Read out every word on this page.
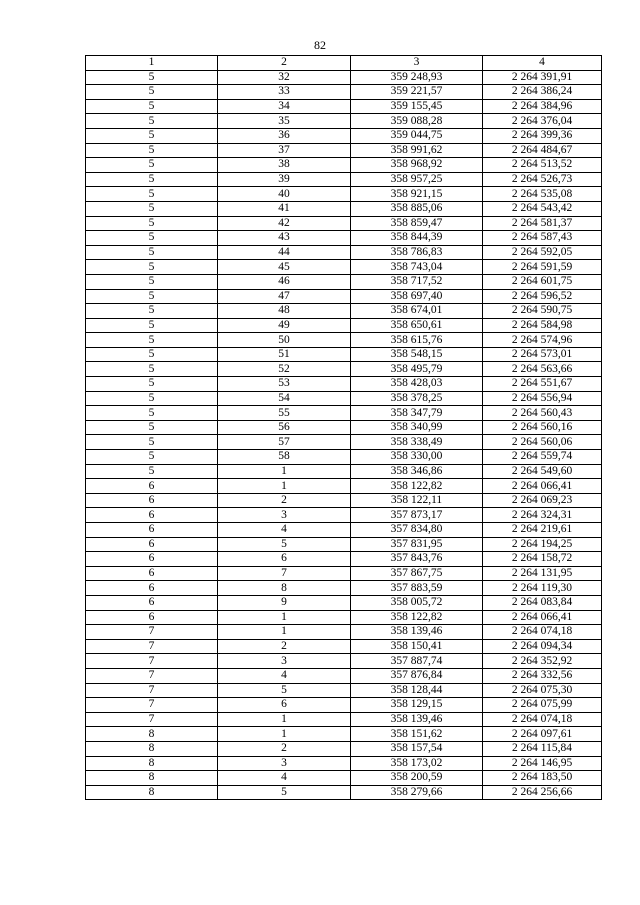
82
1	2	3	4
5	32	359 248,93	2 264 391,91
5	33	359 221,57	2 264 386,24
5	34	359 155,45	2 264 384,96
5	35	359 088,28	2 264 376,04
5	36	359 044,75	2 264 399,36
5	37	358 991,62	2 264 484,67
5	38	358 968,92	2 264 513,52
5	39	358 957,25	2 264 526,73
5	40	358 921,15	2 264 535,08
5	41	358 885,06	2 264 543,42
5	42	358 859,47	2 264 581,37
5	43	358 844,39	2 264 587,43
5	44	358 786,83	2 264 592,05
5	45	358 743,04	2 264 591,59
5	46	358 717,52	2 264 601,75
5	47	358 697,40	2 264 596,52
5	48	358 674,01	2 264 590,75
5	49	358 650,61	2 264 584,98
5	50	358 615,76	2 264 574,96
5	51	358 548,15	2 264 573,01
5	52	358 495,79	2 264 563,66
5	53	358 428,03	2 264 551,67
5	54	358 378,25	2 264 556,94
5	55	358 347,79	2 264 560,43
5	56	358 340,99	2 264 560,16
5	57	358 338,49	2 264 560,06
5	58	358 330,00	2 264 559,74
5	1	358 346,86	2 264 549,60
6	1	358 122,82	2 264 066,41
6	2	358 122,11	2 264 069,23
6	3	357 873,17	2 264 324,31
6	4	357 834,80	2 264 219,61
6	5	357 831,95	2 264 194,25
6	6	357 843,76	2 264 158,72
6	7	357 867,75	2 264 131,95
6	8	357 883,59	2 264 119,30
6	9	358 005,72	2 264 083,84
6	1	358 122,82	2 264 066,41
7	1	358 139,46	2 264 074,18
7	2	358 150,41	2 264 094,34
7	3	357 887,74	2 264 352,92
7	4	357 876,84	2 264 332,56
7	5	358 128,44	2 264 075,30
7	6	358 129,15	2 264 075,99
7	1	358 139,46	2 264 074,18
8	1	358 151,62	2 264 097,61
8	2	358 157,54	2 264 115,84
8	3	358 173,02	2 264 146,95
8	4	358 200,59	2 264 183,50
8	5	358 279,66	2 264 256,66
